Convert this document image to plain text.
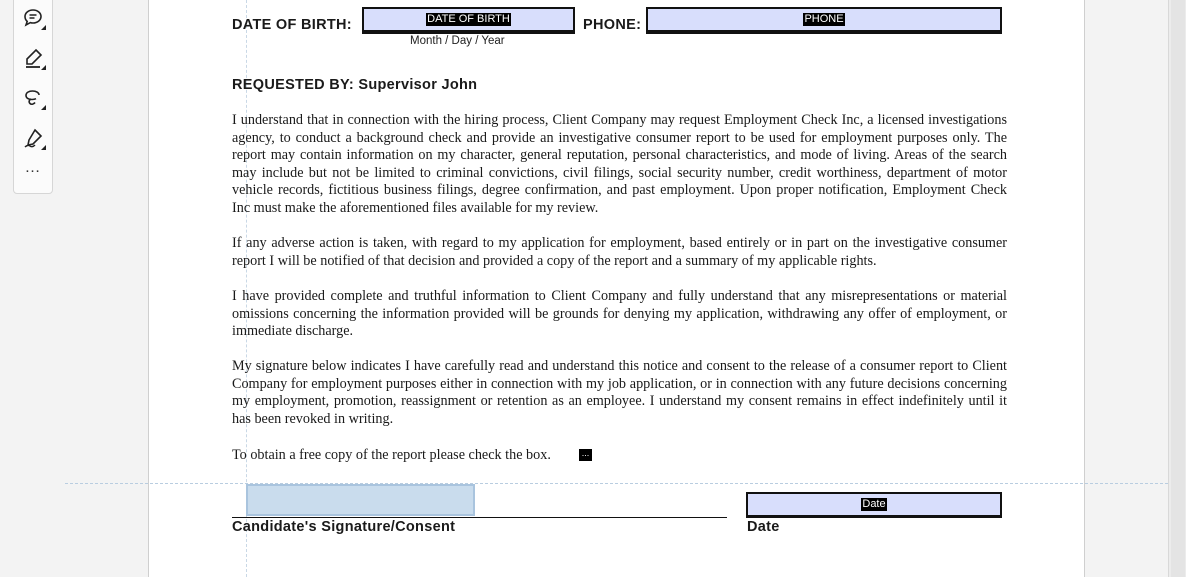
…
DATE OF BIRTH:	DATE OF BIRTH
Month / Day / Year
PHONE:	PHONE
REQUESTED BY: Supervisor John
I understand that in connection with the hiring process, Client Company may request Employment Check Inc, a licensed investigations agency, to conduct a background check and provide an investigative consumer report to be used for employment purposes only. The report may contain information on my character, general reputation, personal characteristics, and mode of living. Areas of the search may include but not be limited to criminal convictions, civil filings, social security number, credit worthiness, department of motor vehicle records, fictitious business filings, degree confirmation, and past employment. Upon proper notification, Employment Check Inc must make the aforementioned files available for my review.
If any adverse action is taken, with regard to my application for employment, based entirely or in part on the investigative consumer report I will be notified of that decision and provided a copy of the report and a summary of my applicable rights.
I have provided complete and truthful information to Client Company and fully understand that any misrepresentations or material omissions concerning the information provided will be grounds for denying my application, withdrawing any offer of employment, or immediate discharge.
My signature below indicates I have carefully read and understand this notice and consent to the release of a consumer report to Client Company for employment purposes either in connection with my job application, or in connection with any future decisions concerning my employment, promotion, reassignment or retention as an employee. I understand my consent remains in effect indefinitely until it has been revoked in writing.
To obtain a free copy of the report please check the box.	...
Candidate's Signature/Consent
Date
Date
